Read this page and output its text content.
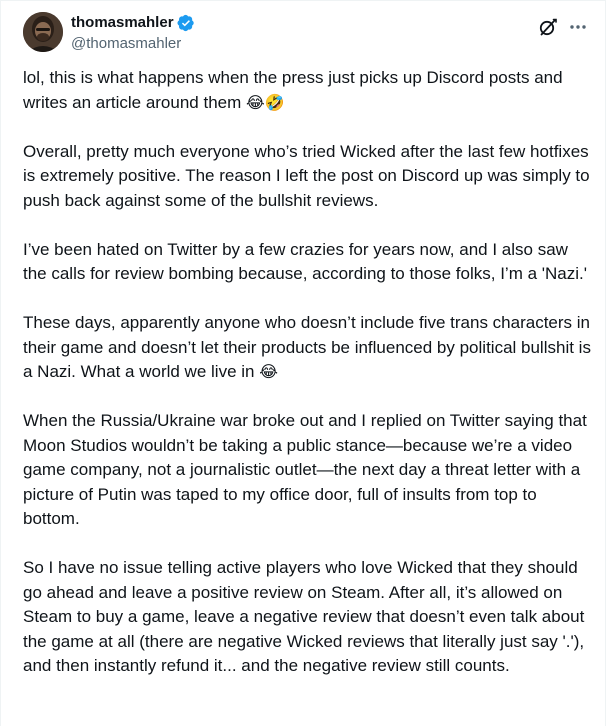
thomasmahler
@thomasmahler

lol, this is what happens when the press just picks up Discord posts and writes an article around them 😂🤣

Overall, pretty much everyone who’s tried Wicked after the last few hotfixes is extremely positive. The reason I left the post on Discord up was simply to push back against some of the bullshit reviews.

I’ve been hated on Twitter by a few crazies for years now, and I also saw the calls for review bombing because, according to those folks, I’m a 'Nazi.'

These days, apparently anyone who doesn’t include five trans characters in their game and doesn’t let their products be influenced by political bullshit is a Nazi. What a world we live in 😂

When the Russia/Ukraine war broke out and I replied on Twitter saying that Moon Studios wouldn’t be taking a public stance—because we’re a video game company, not a journalistic outlet—the next day a threat letter with a picture of Putin was taped to my office door, full of insults from top to bottom.

So I have no issue telling active players who love Wicked that they should go ahead and leave a positive review on Steam. After all, it’s allowed on Steam to buy a game, leave a negative review that doesn’t even talk about the game at all (there are negative Wicked reviews that literally just say '.'), and then instantly refund it... and the negative review still counts.
